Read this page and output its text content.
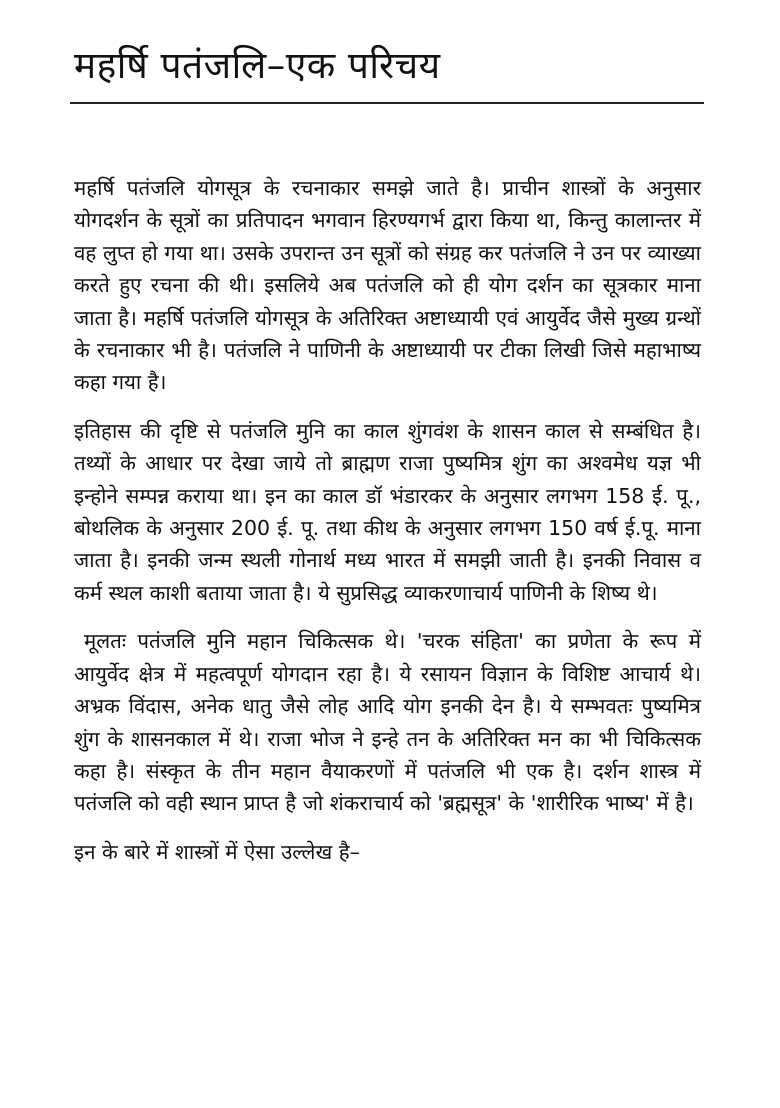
महर्षि पतंजलि–एक परिचय

महर्षि पतंजलि योगसूत्र के रचनाकार समझे जाते है। प्राचीन शास्त्रों के अनुसार योगदर्शन के सूत्रों का प्रतिपादन भगवान हिरण्यगर्भ द्वारा किया था, किन्तु कालान्तर में वह लुप्त हो गया था। उसके उपरान्त उन सूत्रों को संग्रह कर पतंजलि ने उन पर व्याख्या करते हुए रचना की थी। इसलिये अब पतंजलि को ही योग दर्शन का सूत्रकार माना जाता है। महर्षि पतंजलि योगसूत्र के अतिरिक्त अष्टाध्यायी एवं आयुर्वेद जैसे मुख्य ग्रन्थों के रचनाकार भी है। पतंजलि ने पाणिनी के अष्टाध्यायी पर टीका लिखी जिसे महाभाष्य कहा गया है।

इतिहास की दृष्टि से पतंजलि मुनि का काल शुंगवंश के शासन काल से सम्बंधित है। तथ्यों के आधार पर देखा जाये तो ब्राह्मण राजा पुष्यमित्र शुंग का अश्वमेध यज्ञ भी इन्होने सम्पन्न कराया था। इन का काल डॉ भंडारकर के अनुसार लगभग 158 ई. पू., बोथलिक के अनुसार 200 ई. पू. तथा कीथ के अनुसार लगभग 150 वर्ष ई.पू. माना जाता है। इनकी जन्म स्थली गोनार्थ मध्य भारत में समझी जाती है। इनकी निवास व कर्म स्थल काशी बताया जाता है। ये सुप्रसिद्ध व्याकरणाचार्य पाणिनी के शिष्य थे।

मूलतः पतंजलि मुनि महान चिकित्सक थे। 'चरक संहिता' का प्रणेता के रूप में आयुर्वेद क्षेत्र में महत्वपूर्ण योगदान रहा है। ये रसायन विज्ञान के विशिष्ट आचार्य थे। अभ्रक विंदास, अनेक धातु जैसे लोह आदि योग इनकी देन है। ये सम्भवतः पुष्यमित्र शुंग के शासनकाल में थे। राजा भोज ने इन्हे तन के अतिरिक्त मन का भी चिकित्सक कहा है। संस्कृत के तीन महान वैयाकरणों में पतंजलि भी एक है। दर्शन शास्त्र में पतंजलि को वही स्थान प्राप्त है जो शंकराचार्य को 'ब्रह्मसूत्र' के 'शारीरिक भाष्य' में है।

इन के बारे में शास्त्रों में ऐसा उल्लेख है–
